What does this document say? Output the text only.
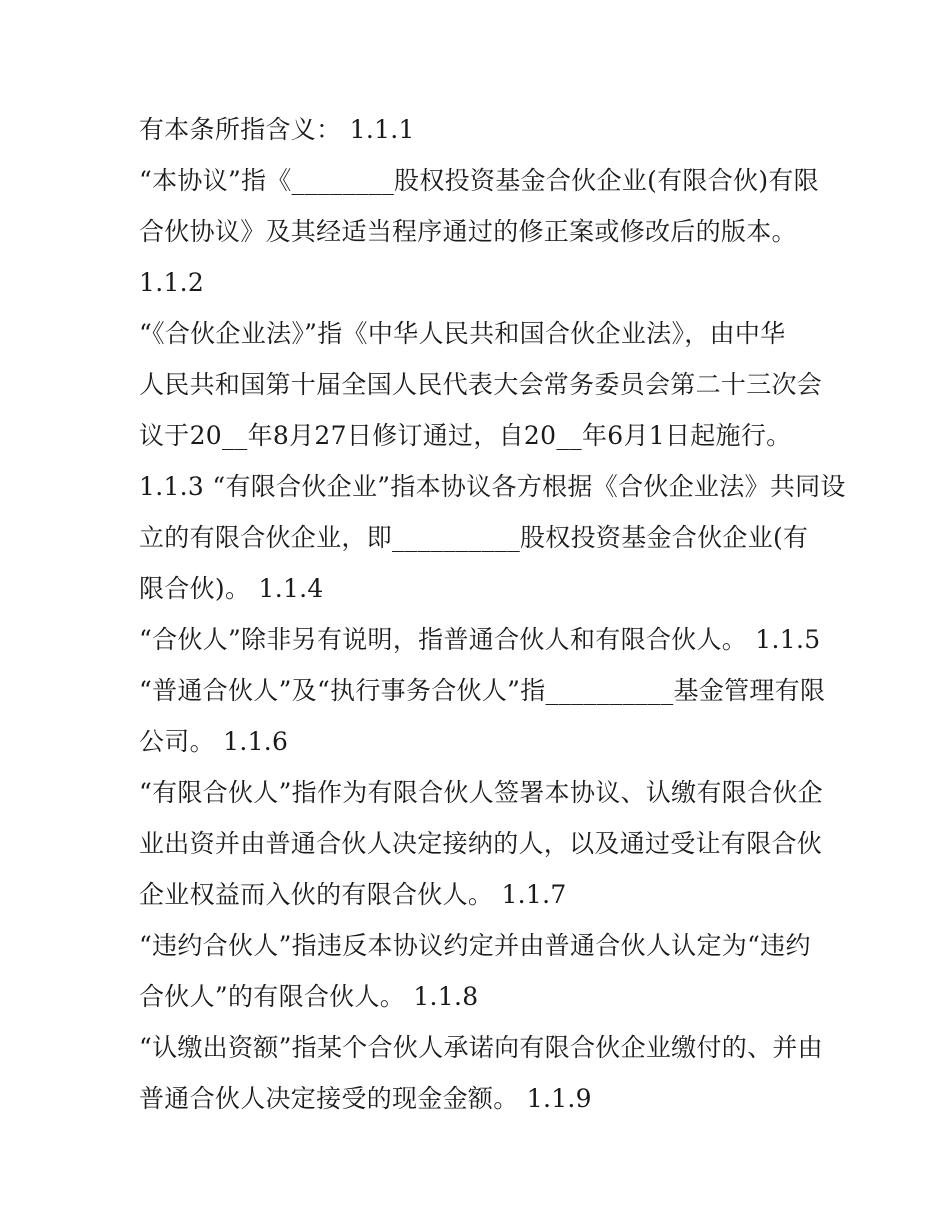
有本条所指含义： 1.1.1
“本协议”指《________股权投资基金合伙企业(有限合伙)有限
合伙协议》及其经适当程序通过的修正案或修改后的版本。
1.1.2
“《合伙企业法》”指《中华人民共和国合伙企业法》，由中华
人民共和国第十届全国人民代表大会常务委员会第二十三次会
议于20__年8月27日修订通过，自20__年6月1日起施行。
1.1.3 “有限合伙企业”指本协议各方根据《合伙企业法》共同设
立的有限合伙企业，即__________股权投资基金合伙企业(有
限合伙)。 1.1.4
“合伙人”除非另有说明，指普通合伙人和有限合伙人。 1.1.5
“普通合伙人”及“执行事务合伙人”指__________基金管理有限
公司。 1.1.6
“有限合伙人”指作为有限合伙人签署本协议、认缴有限合伙企
业出资并由普通合伙人决定接纳的人，以及通过受让有限合伙
企业权益而入伙的有限合伙人。 1.1.7
“违约合伙人”指违反本协议约定并由普通合伙人认定为“违约
合伙人”的有限合伙人。 1.1.8
“认缴出资额”指某个合伙人承诺向有限合伙企业缴付的、并由
普通合伙人决定接受的现金金额。 1.1.9
